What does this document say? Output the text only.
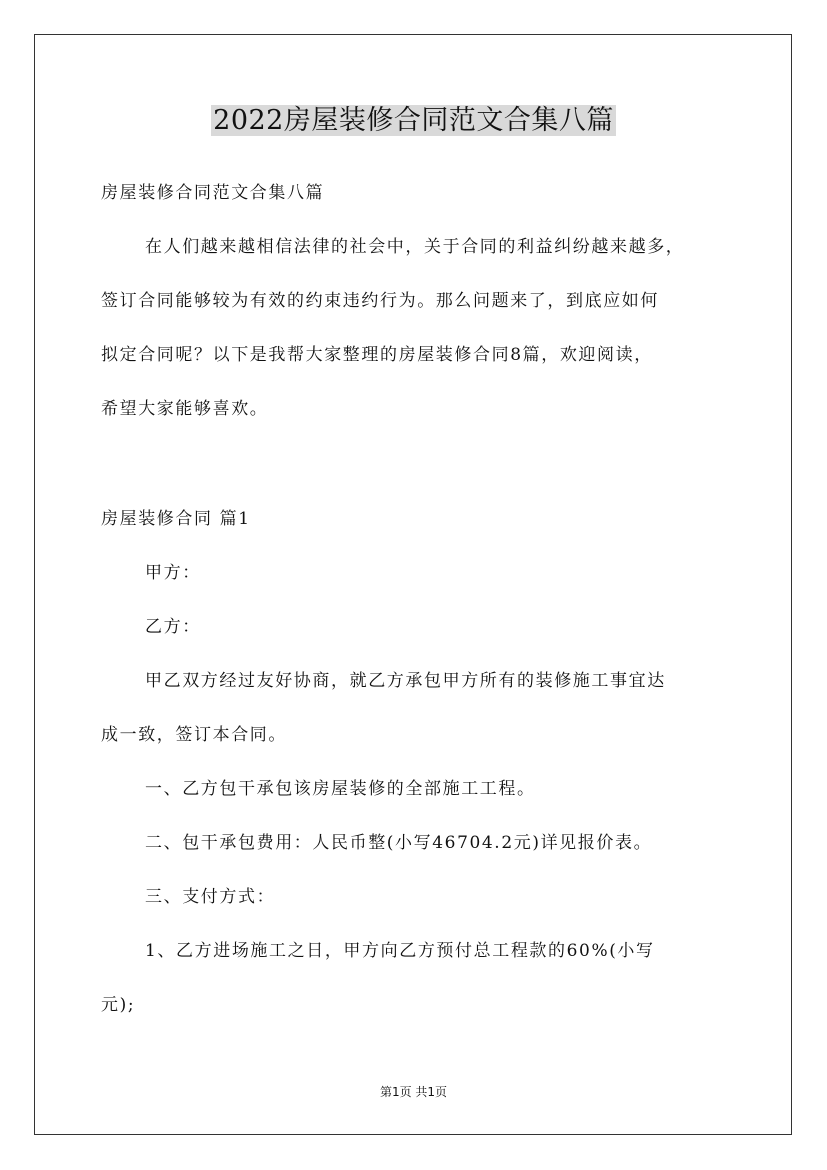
2022房屋装修合同范文合集八篇
房屋装修合同范文合集八篇
在人们越来越相信法律的社会中，关于合同的利益纠纷越来越多，
签订合同能够较为有效的约束违约行为。那么问题来了，到底应如何
拟定合同呢？以下是我帮大家整理的房屋装修合同8篇，欢迎阅读，
希望大家能够喜欢。
房屋装修合同 篇1
甲方：
乙方：
甲乙双方经过友好协商，就乙方承包甲方所有的装修施工事宜达
成一致，签订本合同。
一、乙方包干承包该房屋装修的全部施工工程。
二、包干承包费用：人民币整(小写46704.2元)详见报价表。
三、支付方式：
1、乙方进场施工之日，甲方向乙方预付总工程款的60%(小写
元);
第1页 共1页
